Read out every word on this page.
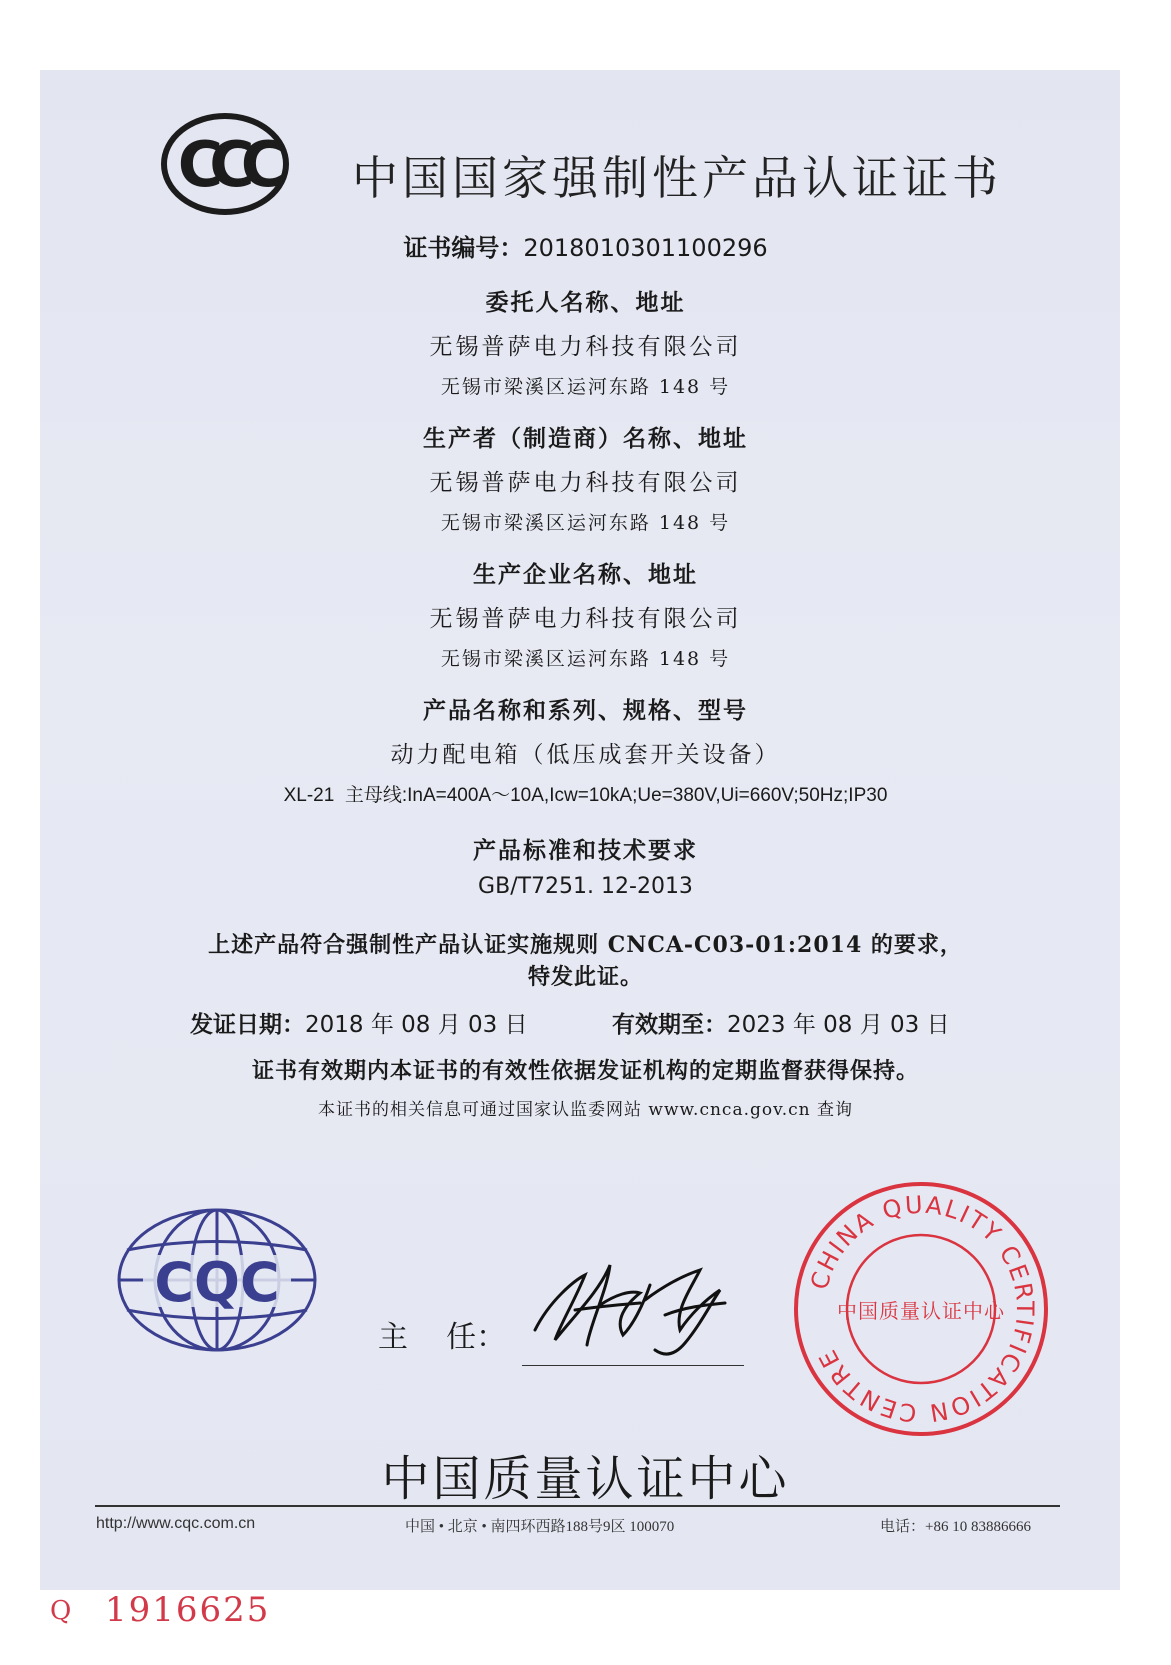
CCC 中国国家强制性产品认证证书
证书编号：2018010301100296
委托人名称、地址
无锡普萨电力科技有限公司
无锡市梁溪区运河东路 148 号
生产者（制造商）名称、地址
无锡普萨电力科技有限公司
无锡市梁溪区运河东路 148 号
生产企业名称、地址
无锡普萨电力科技有限公司
无锡市梁溪区运河东路 148 号
产品名称和系列、规格、型号
动力配电箱（低压成套开关设备）
XL-21  主母线:InA=400A～10A,Icw=10kA;Ue=380V,Ui=660V;50Hz;IP30
产品标准和技术要求
GB/T7251. 12-2013
上述产品符合强制性产品认证实施规则 CNCA-C03-01:2014 的要求，
特发此证。
发证日期：2018 年 08 月 03 日	有效期至：2023 年 08 月 03 日
证书有效期内本证书的有效性依据发证机构的定期监督获得保持。
本证书的相关信息可通过国家认监委网站 www.cnca.gov.cn 查询
CQC
主    任：
CHINA QUALITY CERTIFICATION CENTRE
中国质量认证中心
中国质量认证中心
http://www.cqc.com.cn	中国 • 北京 • 南四环西路188号9区 100070	电话：+86 10 83886666
Q 1916625
